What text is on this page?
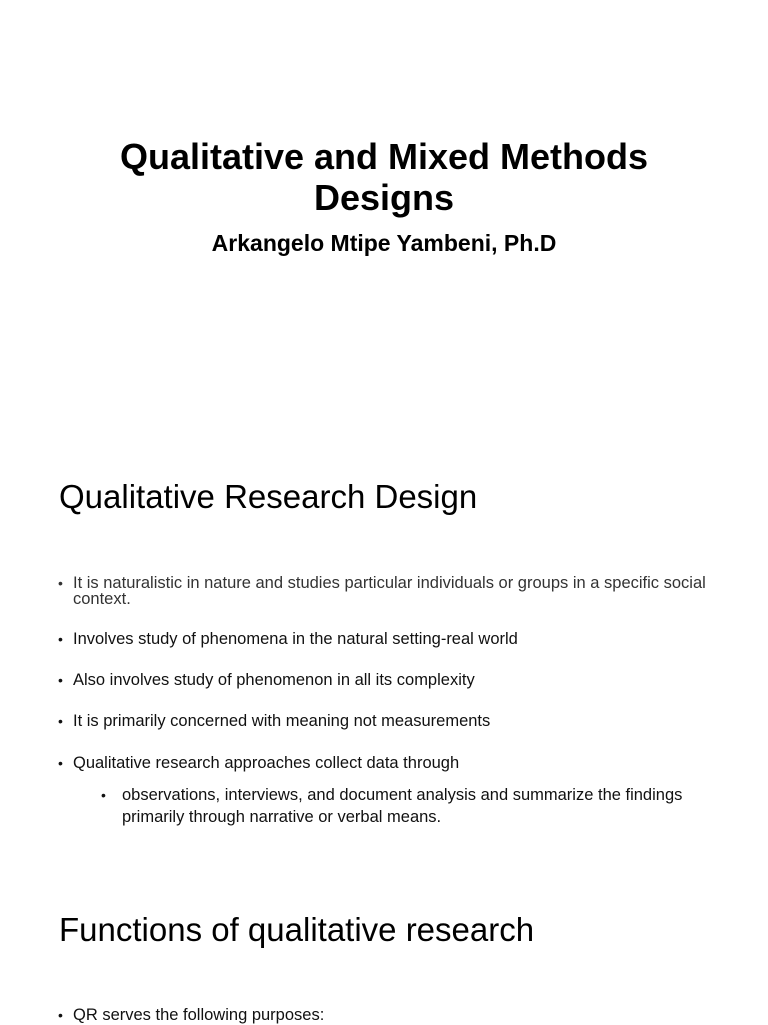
Qualitative and Mixed Methods
Designs
Arkangelo Mtipe Yambeni, Ph.D
Qualitative Research Design
• It is naturalistic in nature and studies particular individuals or groups in a specific social context.
• Involves study of phenomena in the natural setting-real world
• Also involves study of phenomenon in all its complexity
• It is primarily concerned with meaning not measurements
• Qualitative research approaches collect data through
• observations, interviews, and document analysis and summarize the findings primarily through narrative or verbal means.
Functions of qualitative research
• QR serves the following purposes:
